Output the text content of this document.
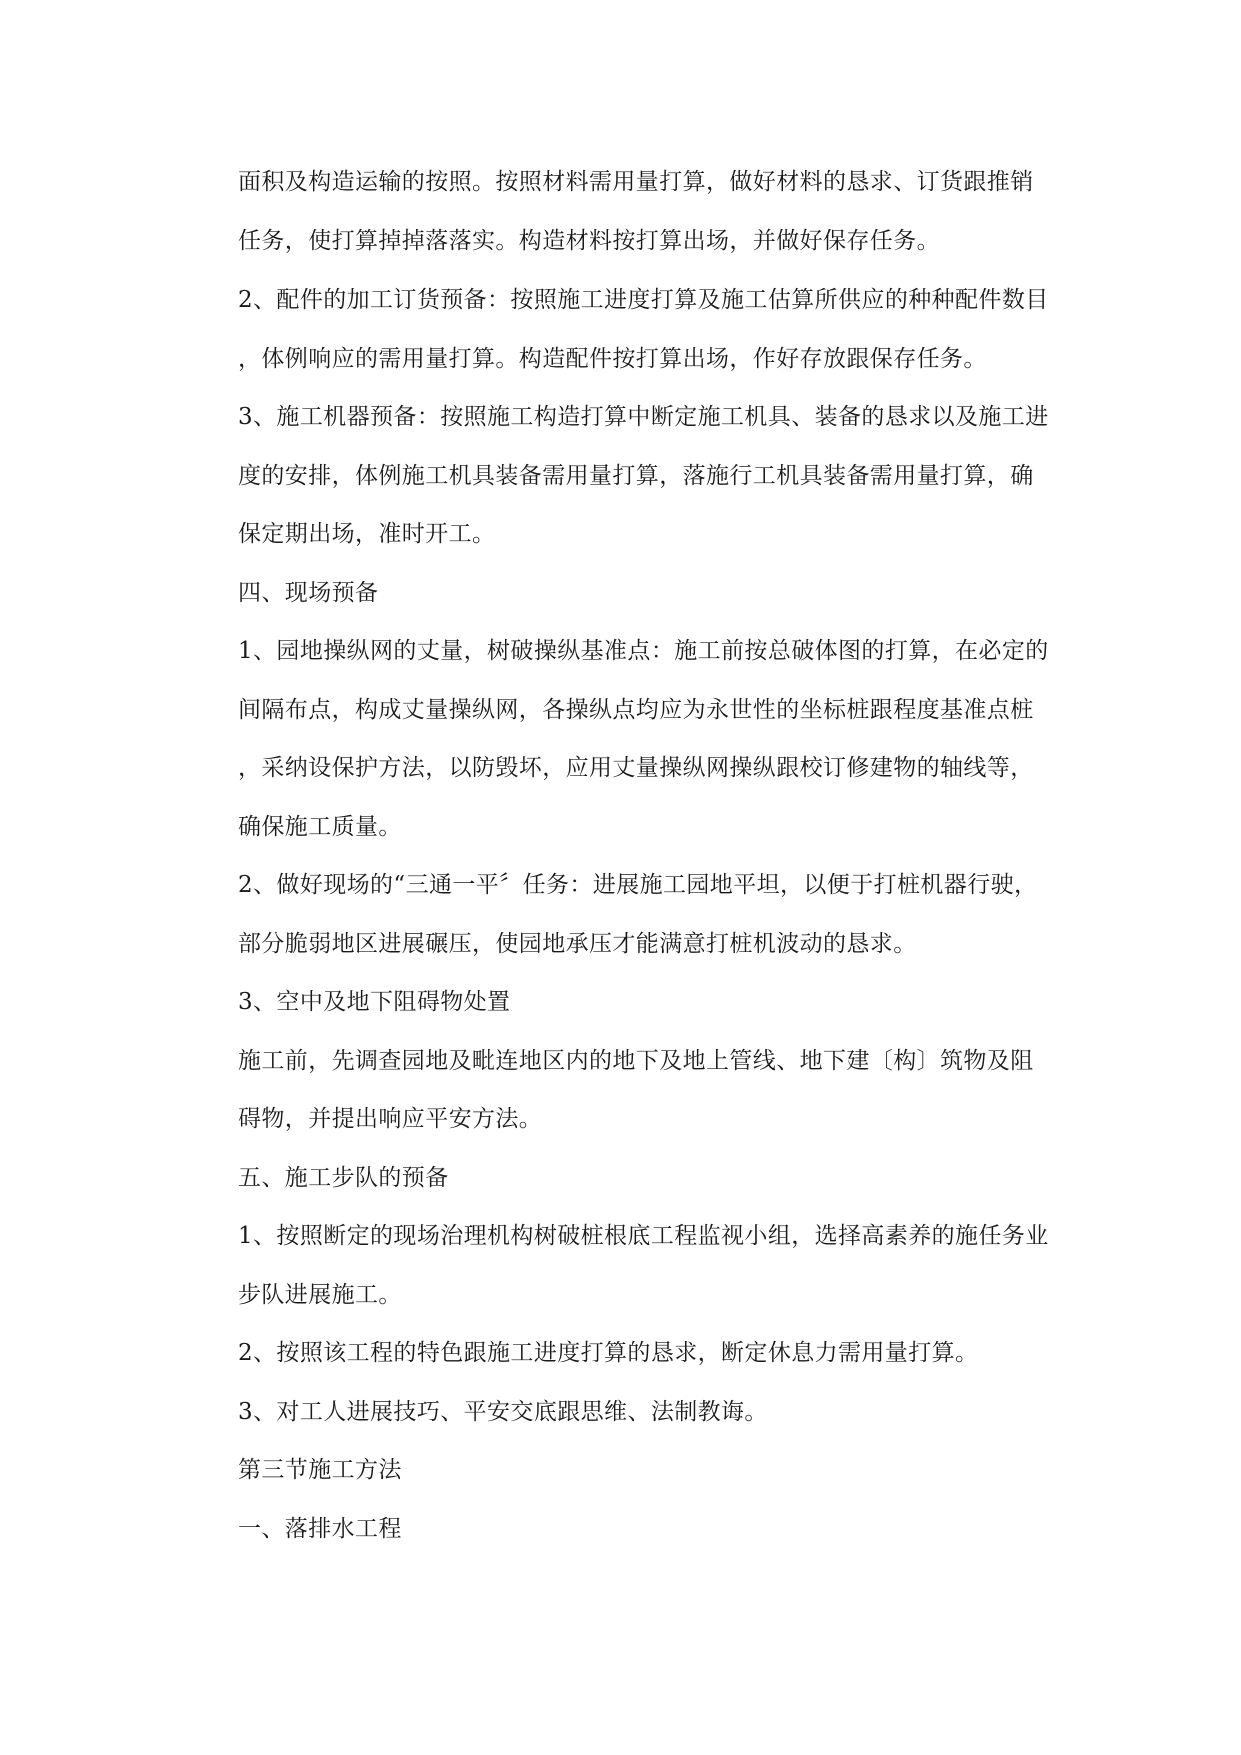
面积及构造运输的按照。按照材料需用量打算，做好材料的恳求、订货跟推销
任务，使打算掉掉落落实。构造材料按打算出场，并做好保存任务。
2、配件的加工订货预备：按照施工进度打算及施工估算所供应的种种配件数目
，体例响应的需用量打算。构造配件按打算出场，作好存放跟保存任务。
3、施工机器预备：按照施工构造打算中断定施工机具、装备的恳求以及施工进
度的安排，体例施工机具装备需用量打算，落施行工机具装备需用量打算，确
保定期出场，准时开工。
四、现场预备
1、园地操纵网的丈量，树破操纵基准点：施工前按总破体图的打算，在必定的
间隔布点，构成丈量操纵网，各操纵点均应为永世性的坐标桩跟程度基准点桩
，采纳设保护方法，以防毁坏，应用丈量操纵网操纵跟校订修建物的轴线等，
确保施工质量。
2、做好现场的“三通一平〞任务：进展施工园地平坦，以便于打桩机器行驶，
部分脆弱地区进展碾压，使园地承压才能满意打桩机波动的恳求。
3、空中及地下阻碍物处置
施工前，先调查园地及毗连地区内的地下及地上管线、地下建〔构〕筑物及阻
碍物，并提出响应平安方法。
五、施工步队的预备
1、按照断定的现场治理机构树破桩根底工程监视小组，选择高素养的施任务业
步队进展施工。
2、按照该工程的特色跟施工进度打算的恳求，断定休息力需用量打算。
3、对工人进展技巧、平安交底跟思维、法制教诲。
第三节施工方法
一、落排水工程
